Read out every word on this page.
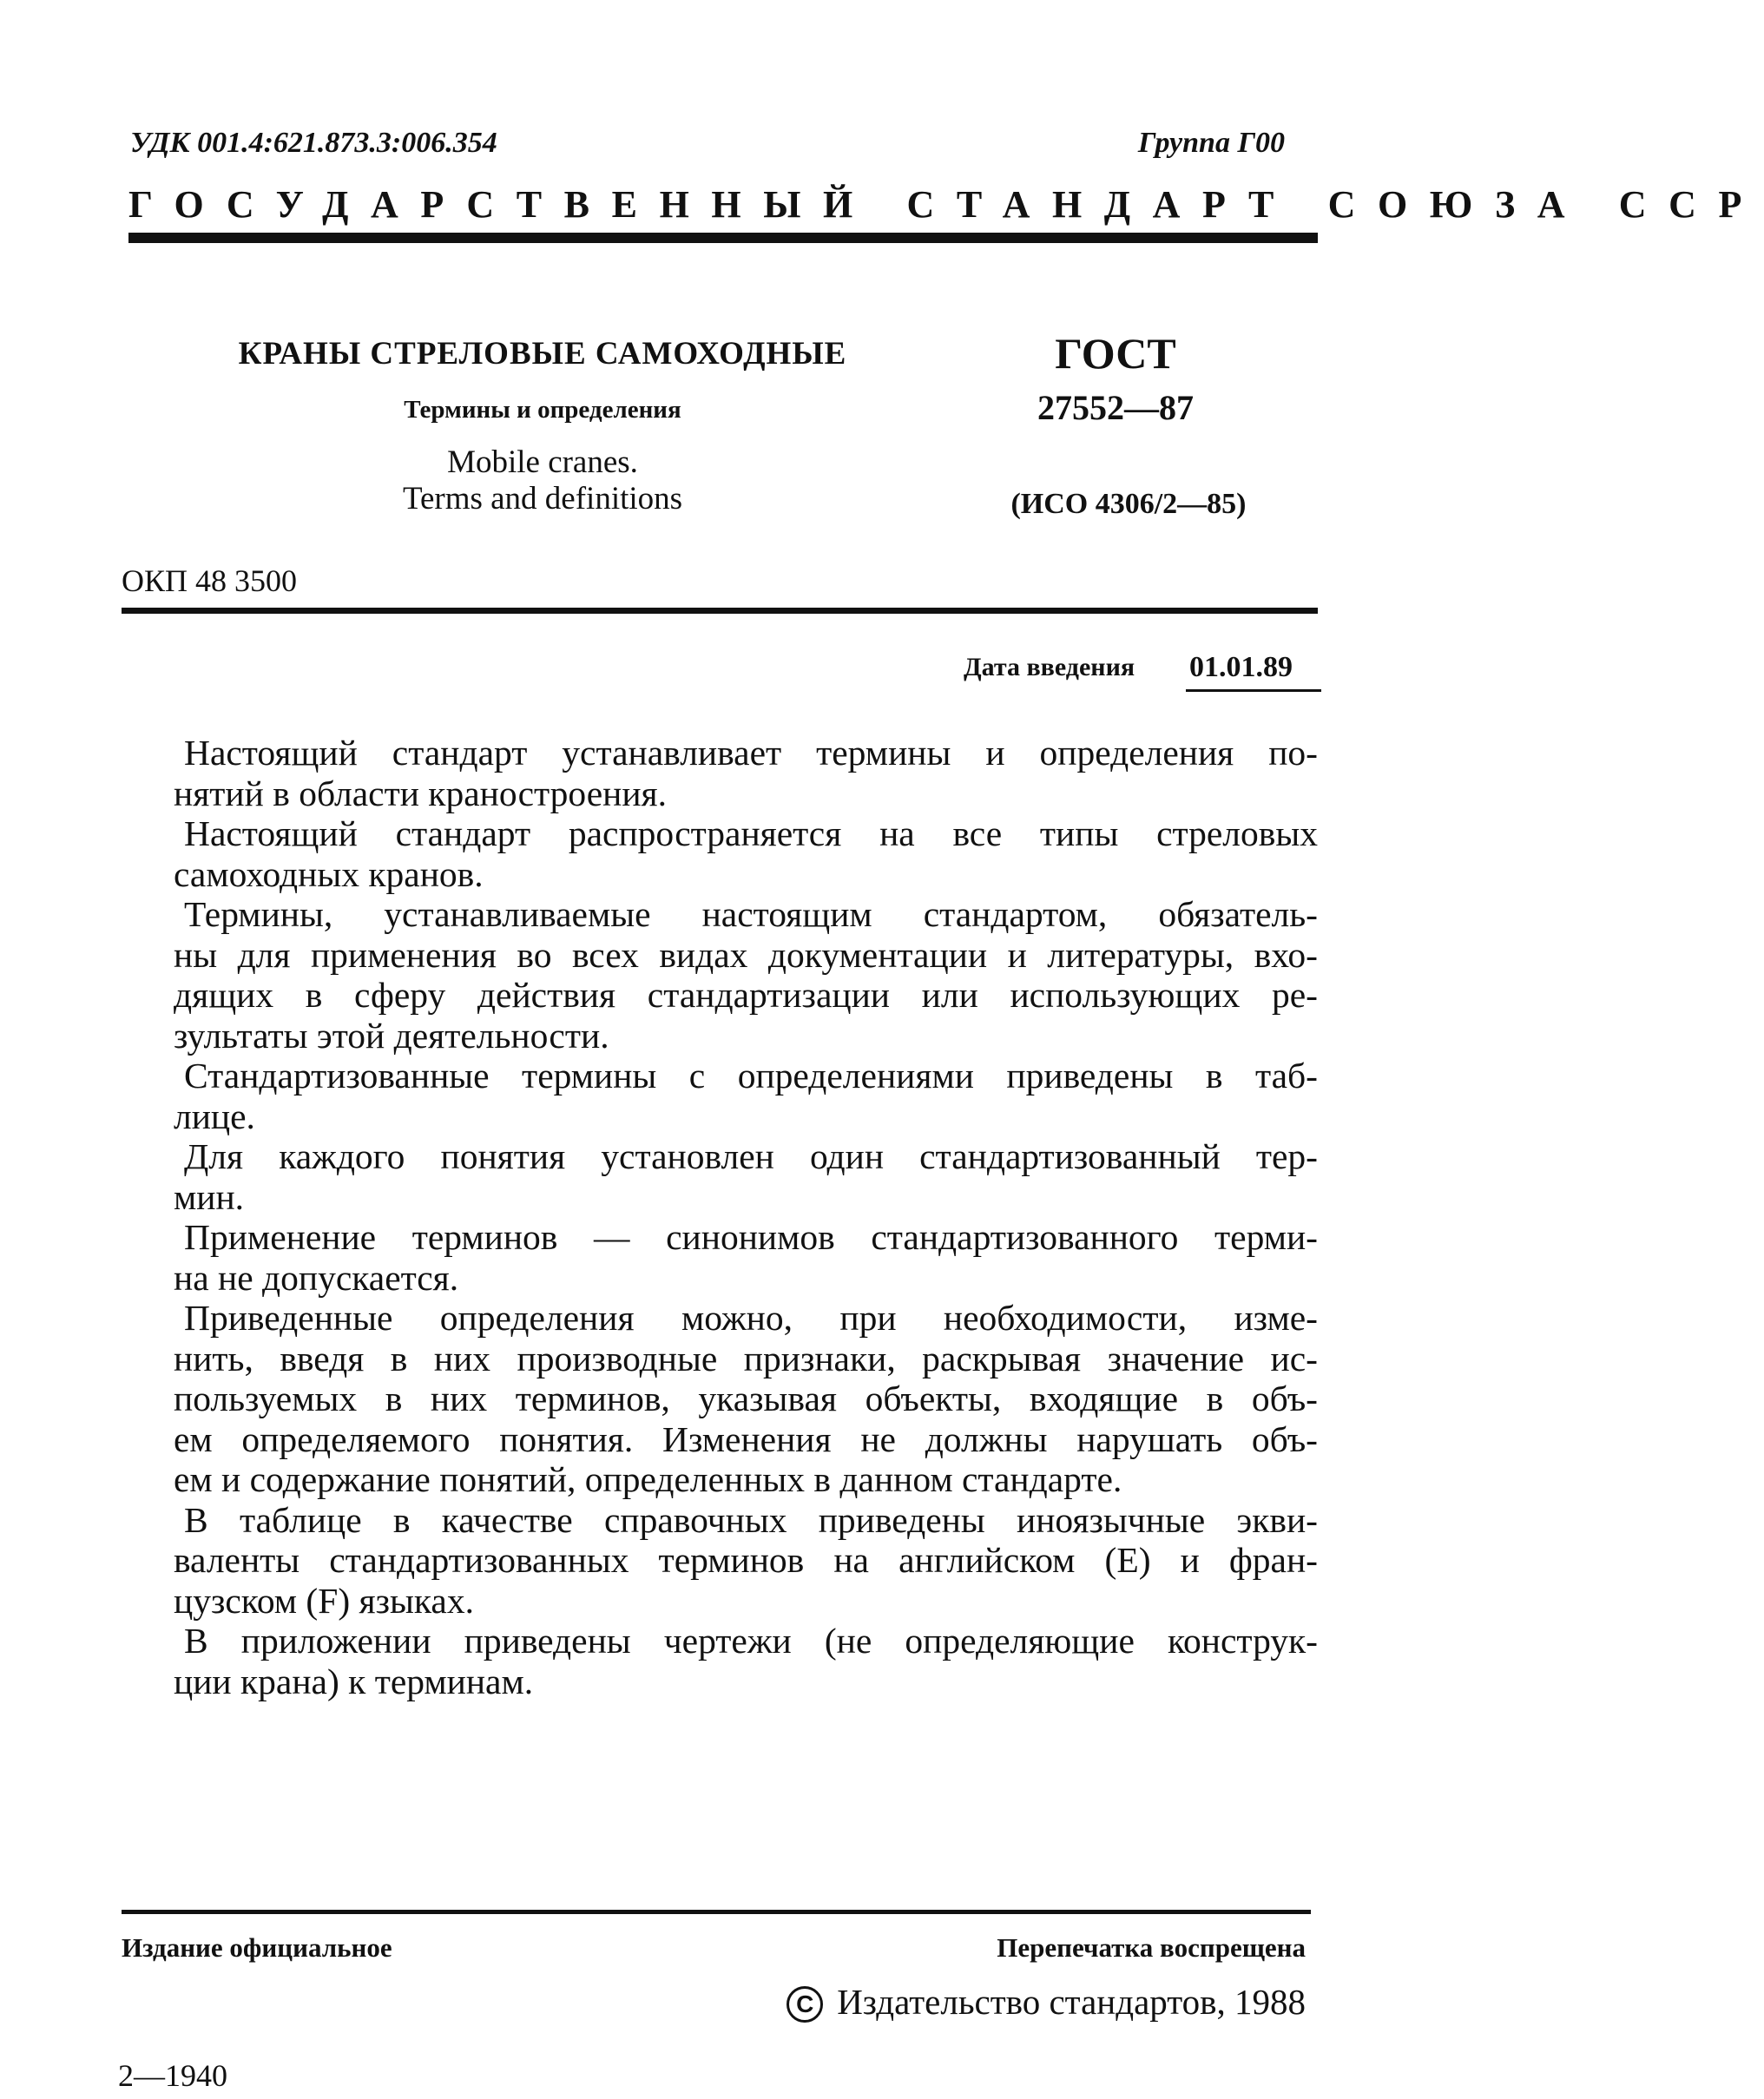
УДК 001.4:621.873.3:006.354	Группа Г00
ГОСУДАРСТВЕННЫЙ СТАНДАРТ СОЮЗА ССР
КРАНЫ СТРЕЛОВЫЕ САМОХОДНЫЕ
Термины и определения
Mobile cranes.
Terms and definitions
ГОСТ
27552—87
(ИСО 4306/2—85)
ОКП 48 3500
Дата введения 01.01.89

Настоящий стандарт устанавливает термины и определения по-
нятий в области краностроения.

Настоящий стандарт распространяется на все типы стреловых
самоходных кранов.

Термины, устанавливаемые настоящим стандартом, обязатель-
ны для применения во всех видах документации и литературы, вхо-
дящих в сферу действия стандартизации или использующих ре-
зультаты этой деятельности.

Стандартизованные термины с определениями приведены в таб-
лице.

Для каждого понятия установлен один стандартизованный тер-
мин.

Применение терминов — синонимов стандартизованного терми-
на не допускается.

Приведенные определения можно, при необходимости, изме-
нить, введя в них производные признаки, раскрывая значение ис-
пользуемых в них терминов, указывая объекты, входящие в объ-
ем определяемого понятия. Изменения не должны нарушать объ-
ем и содержание понятий, определенных в данном стандарте.

В таблице в качестве справочных приведены иноязычные экви-
валенты стандартизованных терминов на английском (E) и фран-
цузском (F) языках.

В приложении приведены чертежи (не определяющие конструк-
ции крана) к терминам.

Издание официальное	Перепечатка воспрещена
C Издательство стандартов, 1988
2—1940
